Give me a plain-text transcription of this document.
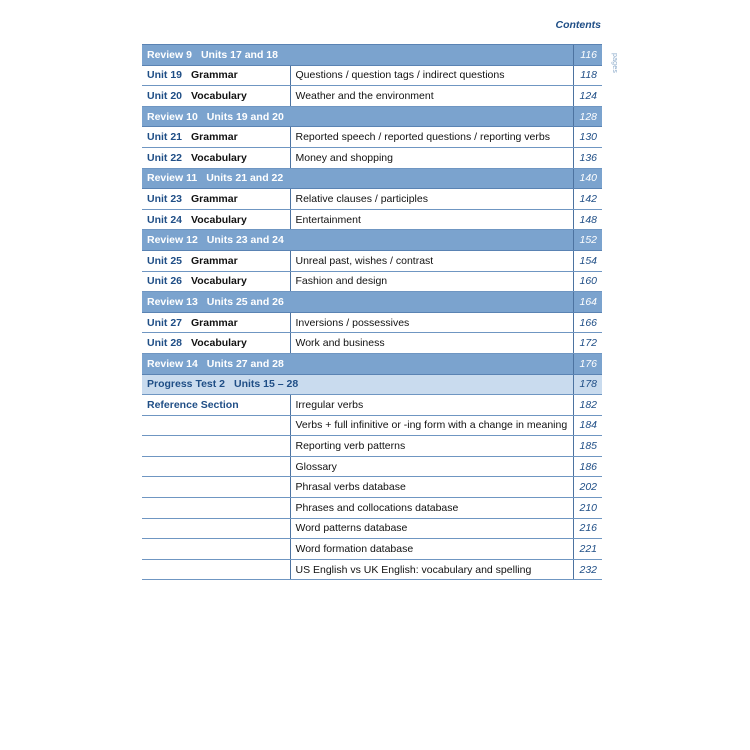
Contents
pages
Review 9 Units 17 and 18		116
Unit 19 Grammar	Questions / question tags / indirect questions	118
Unit 20 Vocabulary	Weather and the environment	124
Review 10 Units 19 and 20		128
Unit 21 Grammar	Reported speech / reported questions / reporting verbs	130
Unit 22 Vocabulary	Money and shopping	136
Review 11 Units 21 and 22		140
Unit 23 Grammar	Relative clauses / participles	142
Unit 24 Vocabulary	Entertainment	148
Review 12 Units 23 and 24		152
Unit 25 Grammar	Unreal past, wishes / contrast	154
Unit 26 Vocabulary	Fashion and design	160
Review 13 Units 25 and 26		164
Unit 27 Grammar	Inversions / possessives	166
Unit 28 Vocabulary	Work and business	172
Review 14 Units 27 and 28		176
Progress Test 2 Units 15 – 28		178
Reference Section	Irregular verbs	182
	Verbs + full infinitive or -ing form with a change in meaning	184
	Reporting verb patterns	185
	Glossary	186
	Phrasal verbs database	202
	Phrases and collocations database	210
	Word patterns database	216
	Word formation database	221
	US English vs UK English: vocabulary and spelling	232
